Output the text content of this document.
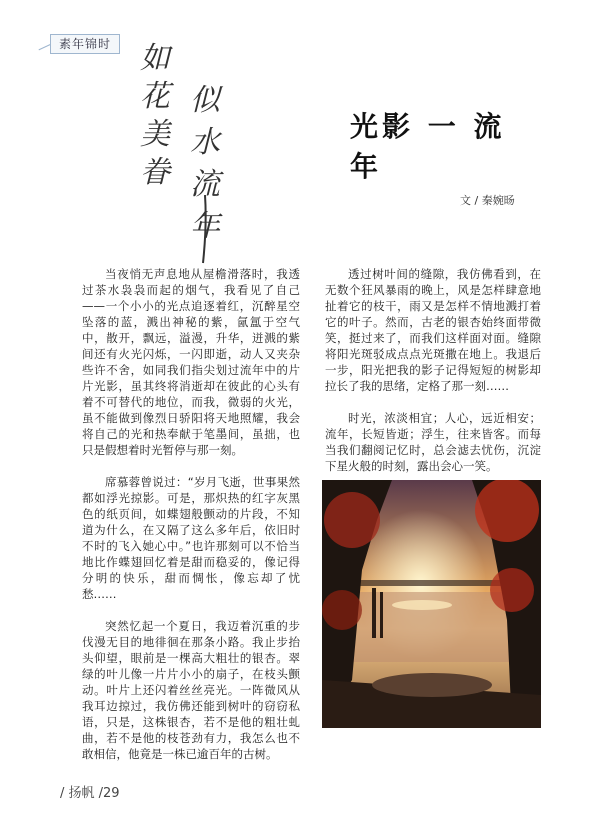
素年锦时 如花美眷
似水流年
光影 一 流年
文 / 秦婉旸

当夜悄无声息地从屋檐滑落时，我透过茶水袅袅而起的烟气，我看见了自己——一个小小的光点追逐着红，沉醉星空坠落的蓝，溅出神秘的紫，氤氲于空气中，散开，飘远，溢漫，升华，迸溅的紫间还有火光闪烁，一闪即逝，动人又夹杂些许不舍，如同我们指尖划过流年中的片片光影，虽其终将消逝却在彼此的心头有着不可替代的地位，而我，微弱的火光，虽不能做到像烈日骄阳将天地照耀，我会将自己的光和热奉献于笔墨间，虽拙，也只是假想着时光暂停与那一刻。

席慕蓉曾说过：“岁月飞逝，世事果然都如浮光掠影。可是，那炽热的红字灰黑色的纸页间，如蝶翅般颤动的片段，不知道为什么，在又隔了这么多年后，依旧时不时的飞入她心中。”也许那刻可以不恰当地比作蝶翅回忆着是甜而稳妥的，像记得分明的快乐，甜而惆怅，像忘却了忧愁……

突然忆起一个夏日，我迈着沉重的步伐漫无目的地徘徊在那条小路。我止步抬头仰望，眼前是一棵高大粗壮的银杏。翠绿的叶儿像一片片小小的扇子，在枝头颤动。叶片上还闪着丝丝亮光。一阵微风从我耳边掠过，我仿佛还能到树叶的窃窃私语，只是，这株银杏，若不是他的粗壮虬曲，若不是他的枝苍劲有力，我怎么也不敢相信，他竟是一株已逾百年的古树。

透过树叶间的缝隙，我仿佛看到，在无数个狂风暴雨的晚上，风是怎样肆意地扯着它的枝干，雨又是怎样不情地溅打着它的叶子。然而，古老的银杏始终面带微笑，挺过来了，而我们这样面对面。缝隙将阳光斑驳成点点光斑撒在地上。我退后一步，阳光把我的影子记得短短的树影却拉长了我的思绪，定格了那一刻……

时光，浓淡相宜；人心，远近相安；流年，长短皆逝；浮生，往来皆客。而每当我们翻阅记忆时，总会滤去忧伤，沉淀下星火般的时刻，露出会心一笑。

/ 扬帆 /29
